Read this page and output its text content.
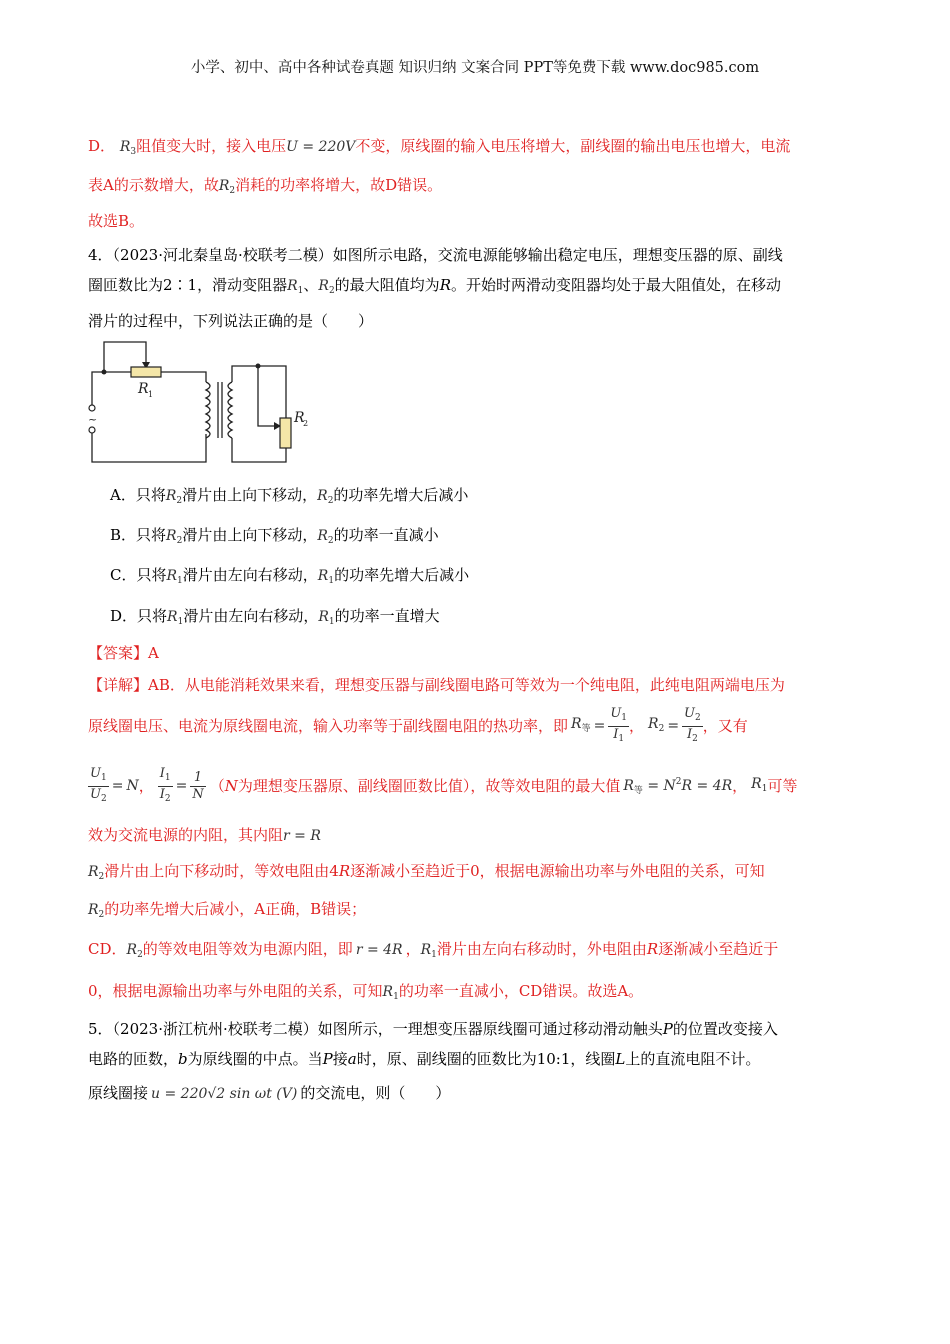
小学、初中、高中各种试卷真题 知识归纳 文案合同 PPT等免费下载 www.doc985.com
D． $R_3$阻值变大时，接入电压U = 220V不变，原线圈的输入电压将增大，副线圈的输出电压也增大，电流
表A的示数增大，故$R_2$消耗的功率将增大，故D错误。
故选B。
4．（2023·河北秦皇岛·校联考二模）如图所示电路，交流电源能够输出稳定电压，理想变压器的原、副线
圈匝数比为2∶1，滑动变阻器$R_1$、$R_2$的最大阻值均为R。开始时两滑动变阻器均处于最大阻值处，在移动
滑片的过程中，下列说法正确的是（　　）
~
R 1
R
2
A．只将$R_2$滑片由上向下移动，$R_2$的功率先增大后减小
B．只将$R_2$滑片由上向下移动，$R_2$的功率一直减小
C．只将$R_1$滑片由左向右移动，$R_1$的功率先增大后减小
D．只将$R_1$滑片由左向右移动，$R_1$的功率一直增大
【答案】A
【详解】AB．从电能消耗效果来看，理想变压器与副线圈电路可等效为一个纯电阻，此纯电阻两端电压为
原线圈电压、电流为原线圈电流，输入功率等于副线圈电阻的热功率，即 $R_等 = \frac{U_1}{I_1}$ ， $R_2 = \frac{U_2}{I_2}$ ，又有
$\frac{U_1}{U_2} = N$ ， $\frac{I_1}{I_2} = \frac{1}{N}$ （ N 为理想变压器原、副线圈匝数比值），故等效电阻的最大值 $R_等 = N^2R = 4R$ ， $R_1$ 可等
效为交流电源的内阻，其内阻r = R
$R_2$滑片由上向下移动时，等效电阻由4R逐渐减小至趋近于0，根据电源输出功率与外电阻的关系，可知
$R_2$的功率先增大后减小，A正确，B错误；
CD．$R_2$的等效电阻等效为电源内阻，即 r = 4R ，$R_1$滑片由左向右移动时，外电阻由R逐渐减小至趋近于
0，根据电源输出功率与外电阻的关系，可知$R_1$的功率一直减小，CD错误。故选A。
5．（2023·浙江杭州·校联考二模）如图所示，一理想变压器原线圈可通过移动滑动触头P的位置改变接入
电路的匝数，b为原线圈的中点。当P接a时，原、副线圈的匝数比为10:1，线圈L上的直流电阻不计。
原线圈接 u = 220√2 sin ωt (V) 的交流电，则（　　）
